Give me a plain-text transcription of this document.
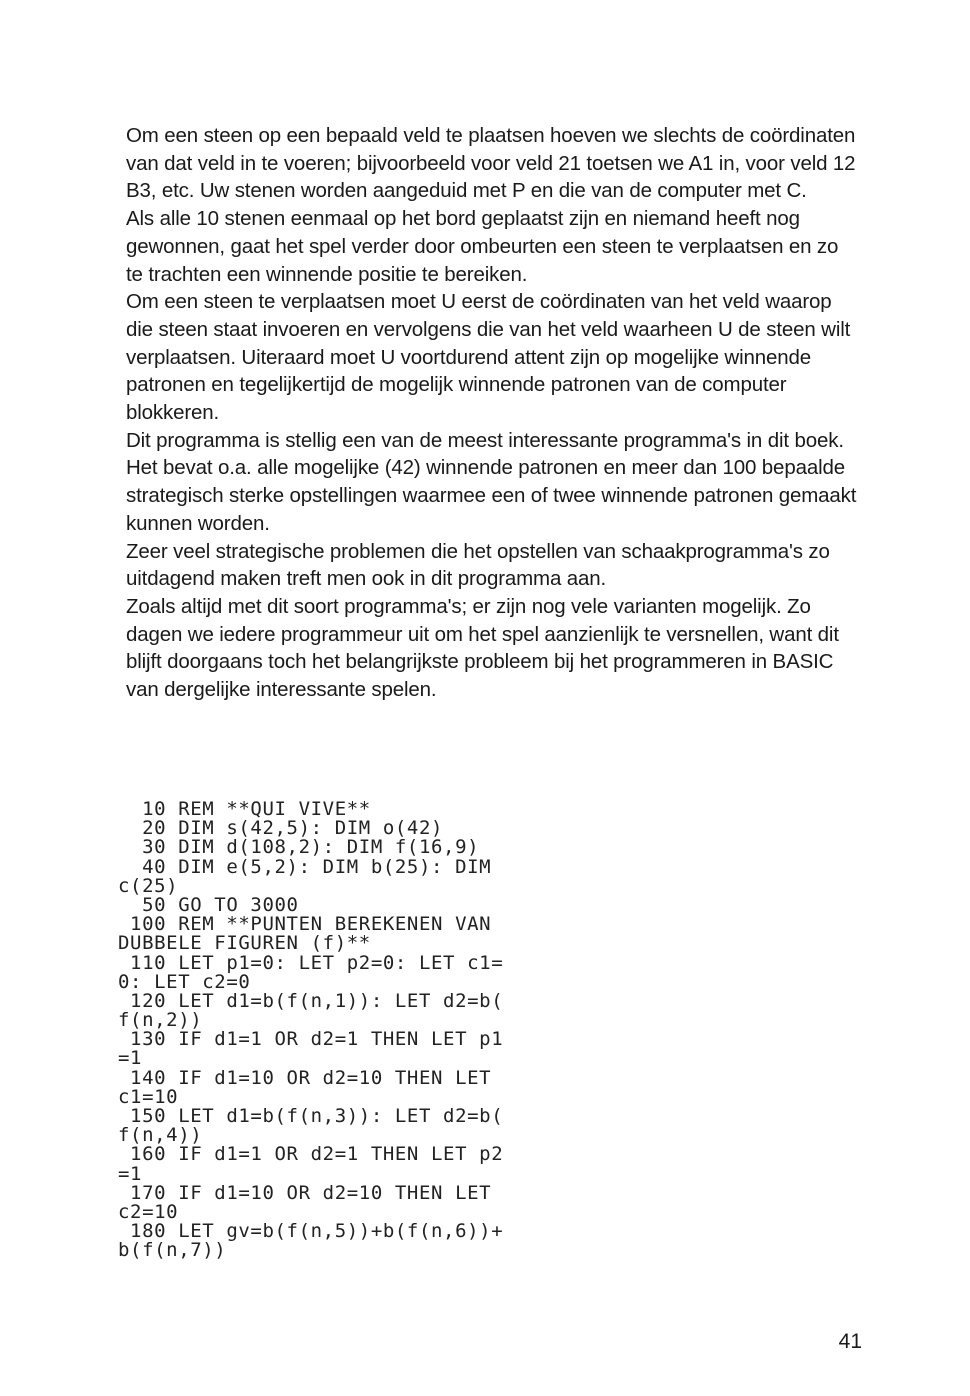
Om een steen op een bepaald veld te plaatsen hoeven we slechts de coördinaten van dat veld in te voeren; bijvoorbeeld voor veld 21 toetsen we A1 in, voor veld 12 B3, etc. Uw stenen worden aangeduid met P en die van de computer met C.

Als alle 10 stenen eenmaal op het bord geplaatst zijn en niemand heeft nog gewonnen, gaat het spel verder door ombeurten een steen te verplaatsen en zo te trachten een winnende positie te bereiken.

Om een steen te verplaatsen moet U eerst de coördinaten van het veld waarop die steen staat invoeren en vervolgens die van het veld waarheen U de steen wilt verplaatsen. Uiteraard moet U voortdurend attent zijn op mogelijke winnende patronen en tegelijkertijd de mogelijk winnende patronen van de computer blokkeren.

Dit programma is stellig een van de meest interessante programma's in dit boek. Het bevat o.a. alle mogelijke (42) winnende patronen en meer dan 100 bepaalde strategisch sterke opstellingen waarmee een of twee winnende patronen gemaakt kunnen worden.

Zeer veel strategische problemen die het opstellen van schaakprogramma's zo uitdagend maken treft men ook in dit programma aan.

Zoals altijd met dit soort programma's; er zijn nog vele varianten mogelijk. Zo dagen we iedere programmeur uit om het spel aanzienlijk te versnellen, want dit blijft doorgaans toch het belangrijkste probleem bij het programmeren in BASIC van dergelijke interessante spelen.

10 REM **QUI VIVE**
20 DIM s(42,5): DIM o(42)
30 DIM d(108,2): DIM f(16,9)
40 DIM e(5,2): DIM b(25): DIM
c(25)
50 GO TO 3000
100 REM **PUNTEN BEREKENEN VAN
DUBBELE FIGUREN (f)**
110 LET p1=0: LET p2=0: LET c1=
0: LET c2=0
120 LET d1=b(f(n,1)): LET d2=b(
f(n,2))
130 IF d1=1 OR d2=1 THEN LET p1
=1
140 IF d1=10 OR d2=10 THEN LET
c1=10
150 LET d1=b(f(n,3)): LET d2=b(
f(n,4))
160 IF d1=1 OR d2=1 THEN LET p2
=1
170 IF d1=10 OR d2=10 THEN LET
c2=10
180 LET gv=b(f(n,5))+b(f(n,6))+
b(f(n,7))
41
